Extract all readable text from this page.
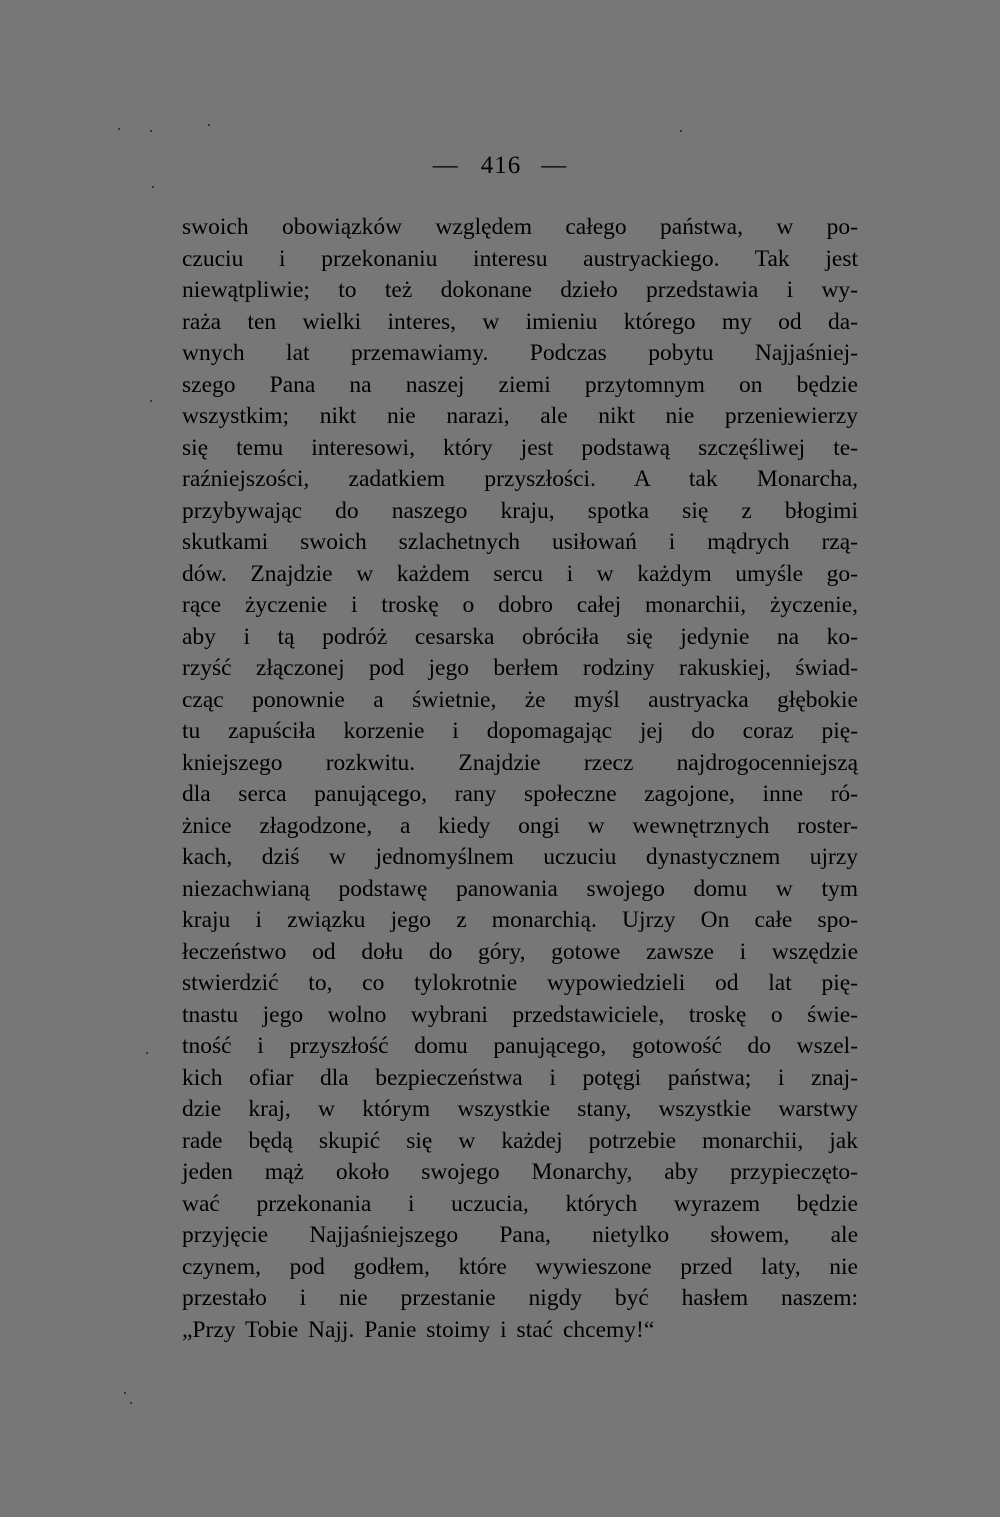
— 416 —
swoich obowiązków względem całego państwa, w po-
czuciu i przekonaniu interesu austryackiego. Tak jest
niewątpliwie; to też dokonane dzieło przedstawia i wy-
raża ten wielki interes, w imieniu którego my od da-
wnych lat przemawiamy. Podczas pobytu Najjaśniej-
szego Pana na naszej ziemi przytomnym on będzie
wszystkim; nikt nie narazi, ale nikt nie przeniewierzy
się temu interesowi, który jest podstawą szczęśliwej te-
raźniejszości, zadatkiem przyszłości. A tak Monarcha,
przybywając do naszego kraju, spotka się z błogimi
skutkami swoich szlachetnych usiłowań i mądrych rzą-
dów. Znajdzie w każdem sercu i w każdym umyśle go-
rące życzenie i troskę o dobro całej monarchii, życzenie,
aby i tą podróż cesarska obróciła się jedynie na ko-
rzyść złączonej pod jego berłem rodziny rakuskiej, świad-
cząc ponownie a świetnie, że myśl austryacka głębokie
tu zapuściła korzenie i dopomagając jej do coraz pię-
kniejszego rozkwitu. Znajdzie rzecz najdrogocenniejszą
dla serca panującego, rany społeczne zagojone, inne ró-
żnice złagodzone, a kiedy ongi w wewnętrznych roster-
kach, dziś w jednomyślnem uczuciu dynastycznem ujrzy
niezachwianą podstawę panowania swojego domu w tym
kraju i związku jego z monarchią. Ujrzy On całe spo-
łeczeństwo od dołu do góry, gotowe zawsze i wszędzie
stwierdzić to, co tylokrotnie wypowiedzieli od lat pię-
tnastu jego wolno wybrani przedstawiciele, troskę o świe-
tność i przyszłość domu panującego, gotowość do wszel-
kich ofiar dla bezpieczeństwa i potęgi państwa; i znaj-
dzie kraj, w którym wszystkie stany, wszystkie warstwy
rade będą skupić się w każdej potrzebie monarchii, jak
jeden mąż około swojego Monarchy, aby przypieczęto-
wać przekonania i uczucia, których wyrazem będzie
przyjęcie Najjaśniejszego Pana, nietylko słowem, ale
czynem, pod godłem, które wywieszone przed laty, nie
przestało i nie przestanie nigdy być hasłem naszem:
„Przy Tobie Najj. Panie stoimy i stać chcemy!“
